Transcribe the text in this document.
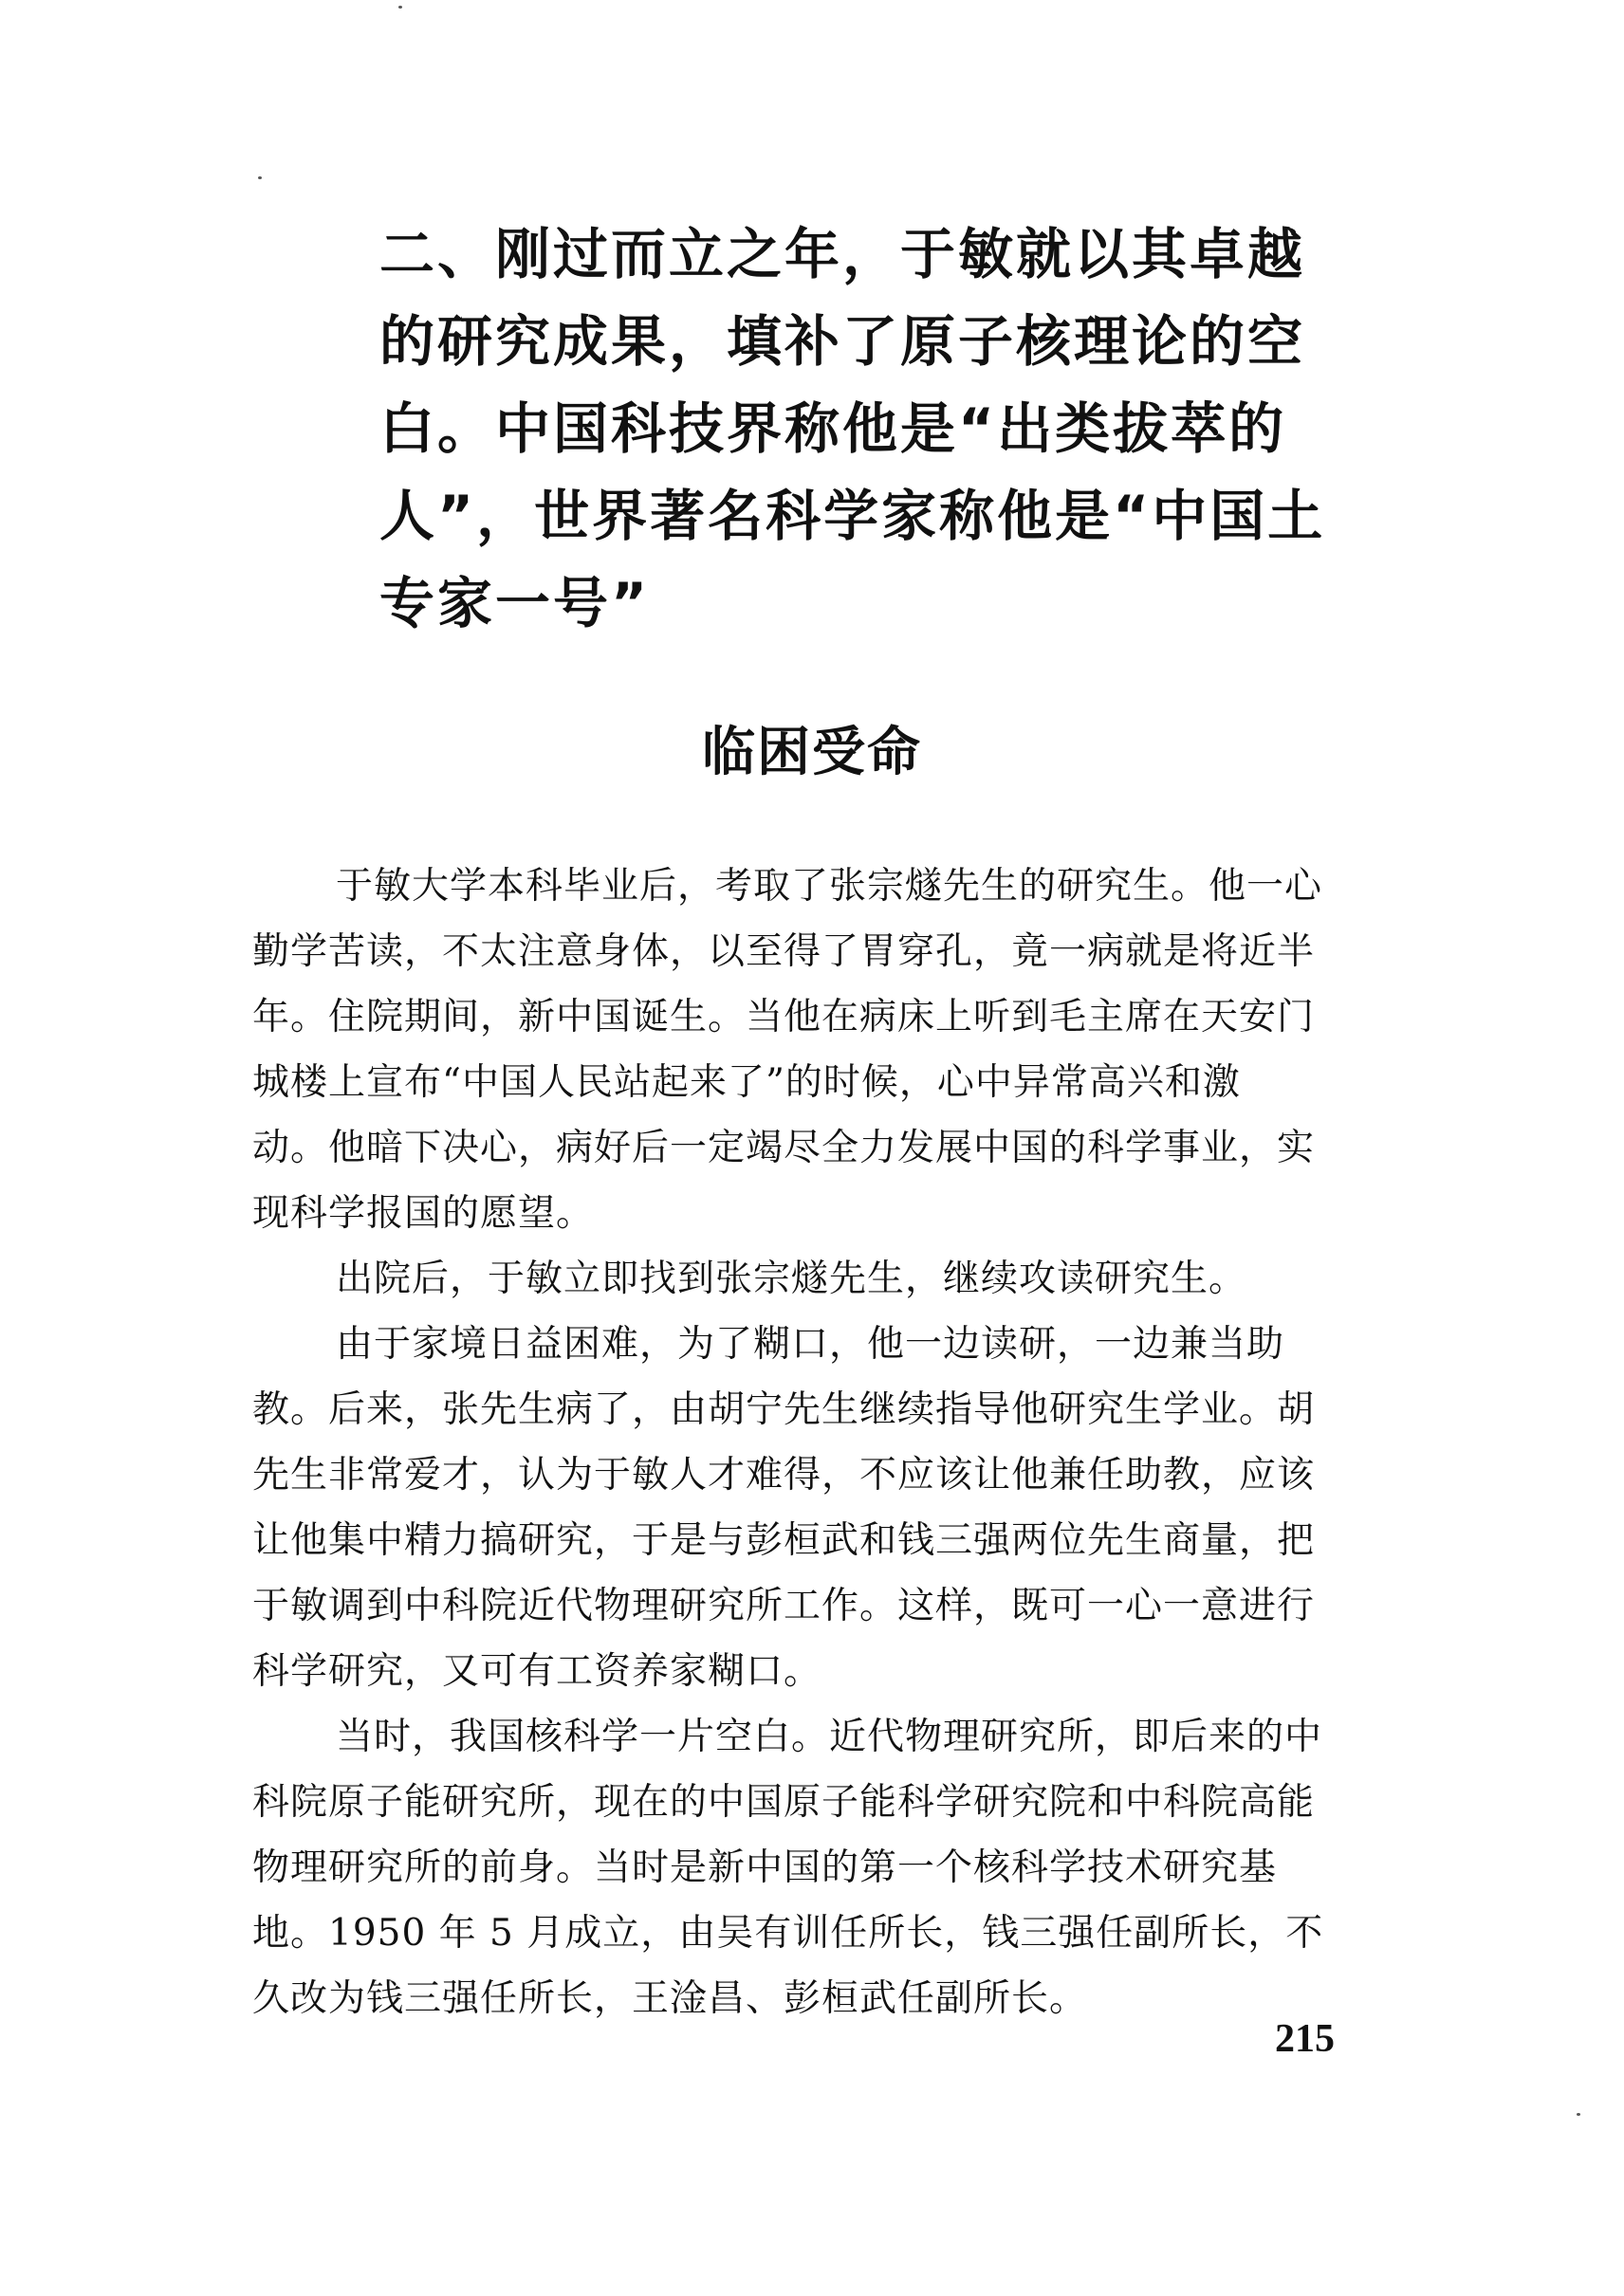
二、刚过而立之年，于敏就以其卓越
的研究成果，填补了原子核理论的空
白。中国科技界称他是“出类拔萃的
人”，世界著名科学家称他是“中国土
专家一号”
临困受命
于敏大学本科毕业后，考取了张宗燧先生的研究生。他一心
勤学苦读，不太注意身体，以至得了胃穿孔，竟一病就是将近半
年。住院期间，新中国诞生。当他在病床上听到毛主席在天安门
城楼上宣布“中国人民站起来了”的时候，心中异常高兴和激
动。他暗下决心，病好后一定竭尽全力发展中国的科学事业，实
现科学报国的愿望。
出院后，于敏立即找到张宗燧先生，继续攻读研究生。
由于家境日益困难，为了糊口，他一边读研，一边兼当助
教。后来，张先生病了，由胡宁先生继续指导他研究生学业。胡
先生非常爱才，认为于敏人才难得，不应该让他兼任助教，应该
让他集中精力搞研究，于是与彭桓武和钱三强两位先生商量，把
于敏调到中科院近代物理研究所工作。这样，既可一心一意进行
科学研究，又可有工资养家糊口。
当时，我国核科学一片空白。近代物理研究所，即后来的中
科院原子能研究所，现在的中国原子能科学研究院和中科院高能
物理研究所的前身。当时是新中国的第一个核科学技术研究基
地。1950 年 5 月成立，由吴有训任所长，钱三强任副所长，不
久改为钱三强任所长，王淦昌、彭桓武任副所长。
215
